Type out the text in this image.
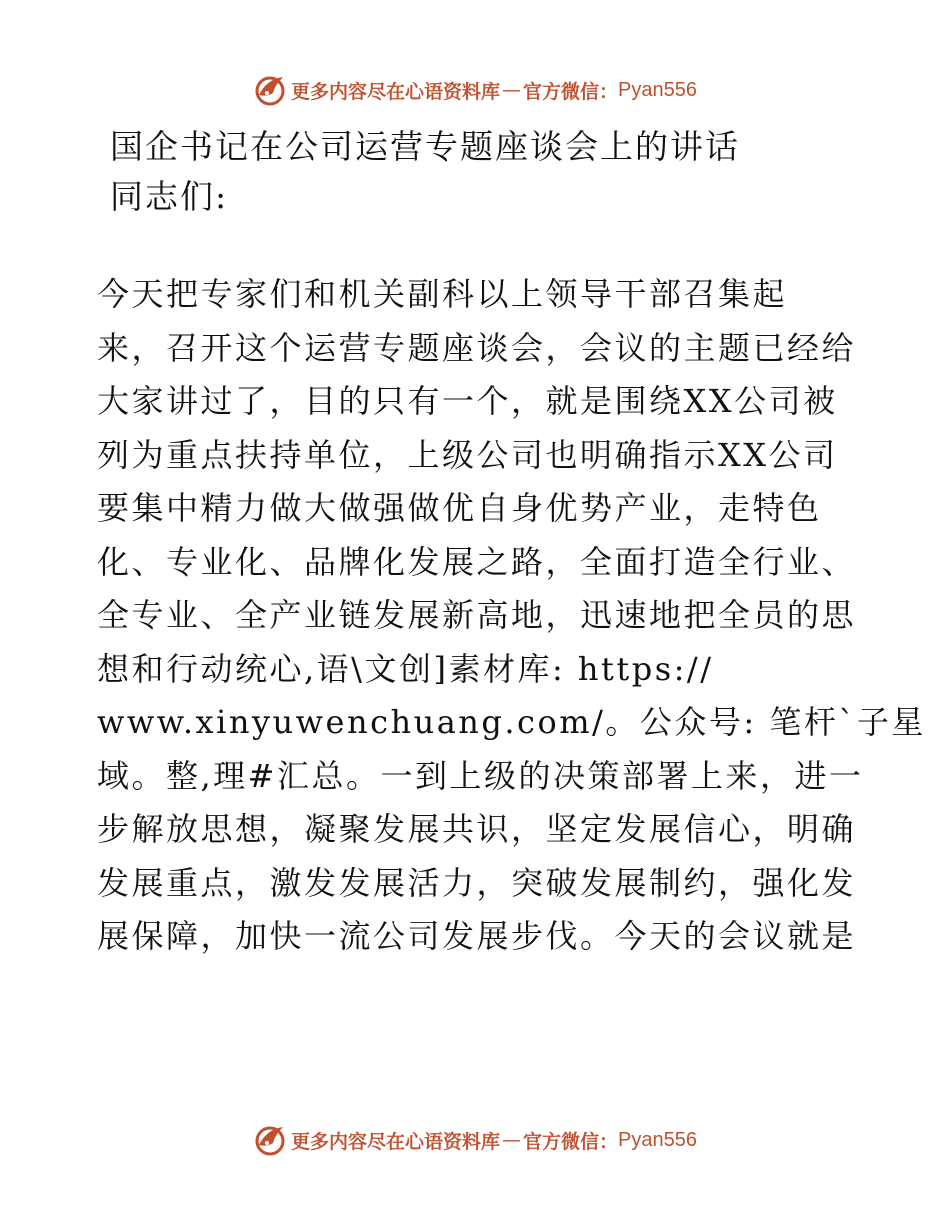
更多内容尽在心语资料库 — 官方微信： Pyan556
国企书记在公司运营专题座谈会上的讲话
同志们:
今天把专家们和机关副科以上领导干部召集起
来，召开这个运营专题座谈会，会议的主题已经给
大家讲过了，目的只有一个，就是围绕XX公司被
列为重点扶持单位，上级公司也明确指示XX公司
要集中精力做大做强做优自身优势产业，走特色
化、专业化、品牌化发展之路，全面打造全行业、
全专业、全产业链发展新高地，迅速地把全员的思
想和行动统心,语\文创]素材库: https://
www.xinyuwenchuang.com/。公众号: 笔杆`子星
域。整,理#汇总。一到上级的决策部署上来，进一
步解放思想，凝聚发展共识，坚定发展信心，明确
发展重点，激发发展活力，突破发展制约，强化发
展保障，加快一流公司发展步伐。今天的会议就是
更多内容尽在心语资料库 — 官方微信： Pyan556
